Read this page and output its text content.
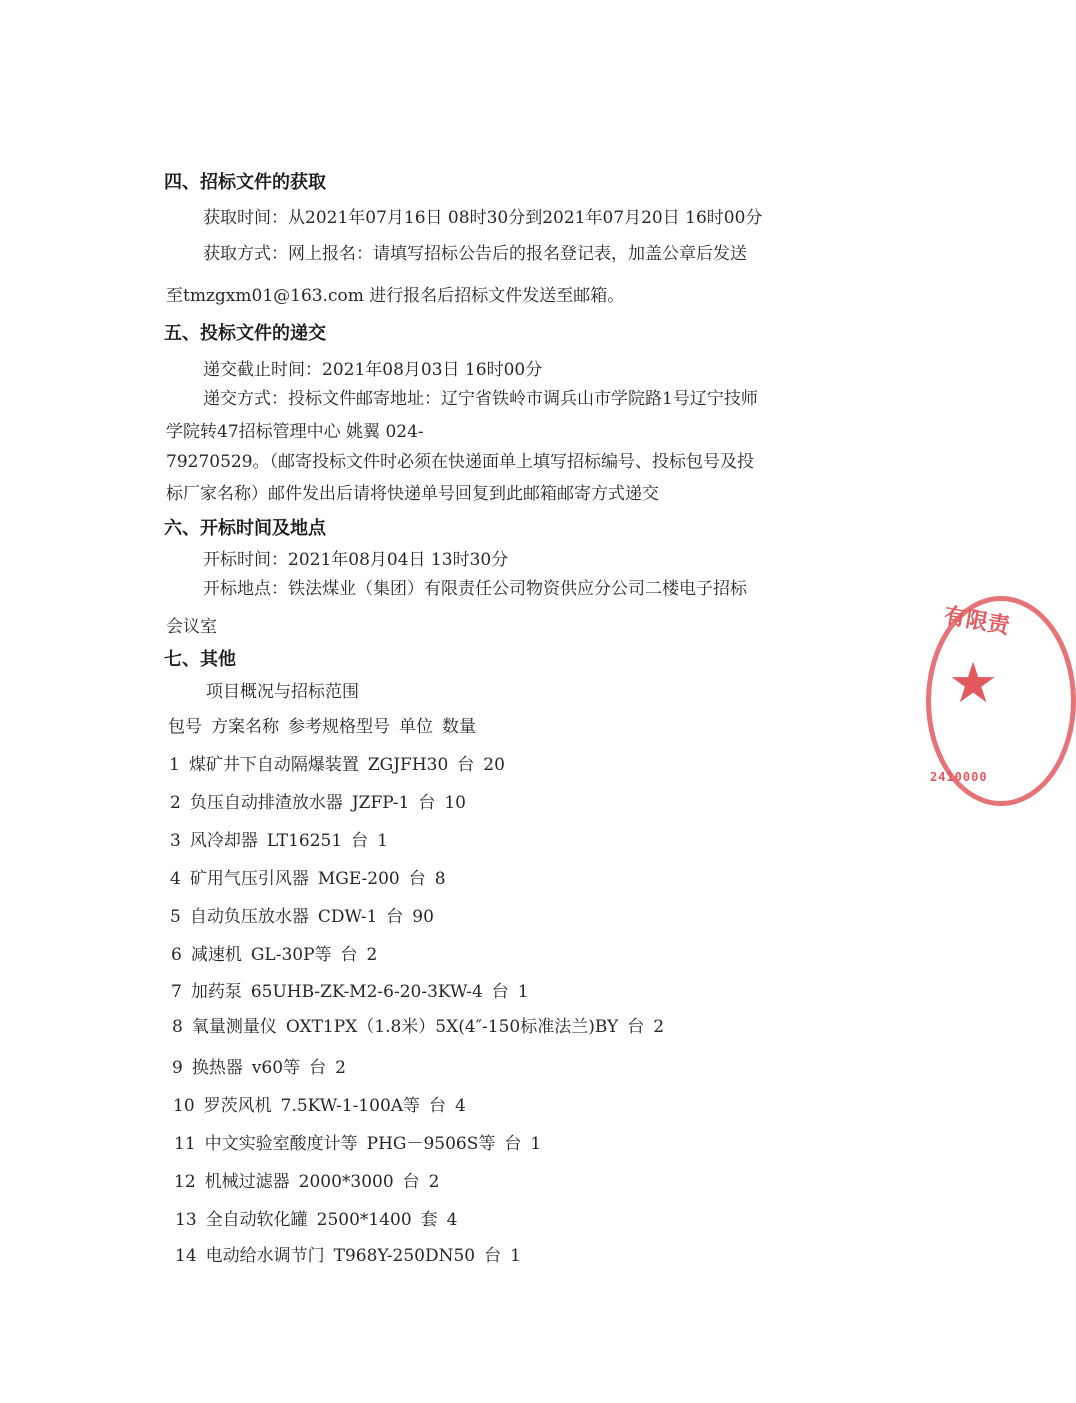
四、招标文件的获取
获取时间：从2021年07月16日 08时30分到2021年07月20日 16时00分
获取方式：网上报名：请填写招标公告后的报名登记表，加盖公章后发送
至tmzgxm01@163.com 进行报名后招标文件发送至邮箱。
五、投标文件的递交
递交截止时间：2021年08月03日 16时00分
递交方式：投标文件邮寄地址：辽宁省铁岭市调兵山市学院路1号辽宁技师
学院转47招标管理中心 姚翼 024-
79270529。（邮寄投标文件时必须在快递面单上填写招标编号、投标包号及投
标厂家名称）邮件发出后请将快递单号回复到此邮箱邮寄方式递交
六、开标时间及地点
开标时间：2021年08月04日 13时30分
开标地点：铁法煤业（集团）有限责任公司物资供应分公司二楼电子招标
会议室
七、其他
项目概况与招标范围
包号 方案名称 参考规格型号 单位 数量
1 煤矿井下自动隔爆装置 ZGJFH30 台 20
2 负压自动排渣放水器 JZFP-1 台 10
3 风冷却器 LT16251 台 1
4 矿用气压引风器 MGE-200 台 8
5 自动负压放水器 CDW-1 台 90
6 减速机 GL-30P等 台 2
7 加药泵 65UHB-ZK-M2-6-20-3KW-4 台 1
8 氧量测量仪 OXT1PX（1.8米）5X(4″-150标准法兰)BY 台 2
9 换热器 v60等 台 2
10 罗茨风机 7.5KW-1-100A等 台 4
11 中文实验室酸度计等 PHG－9506S等 台 1
12 机械过滤器 2000*3000 台 2
13 全自动软化罐 2500*1400 套 4
14 电动给水调节门 T968Y-250DN50 台 1
有限责
★
2410000
